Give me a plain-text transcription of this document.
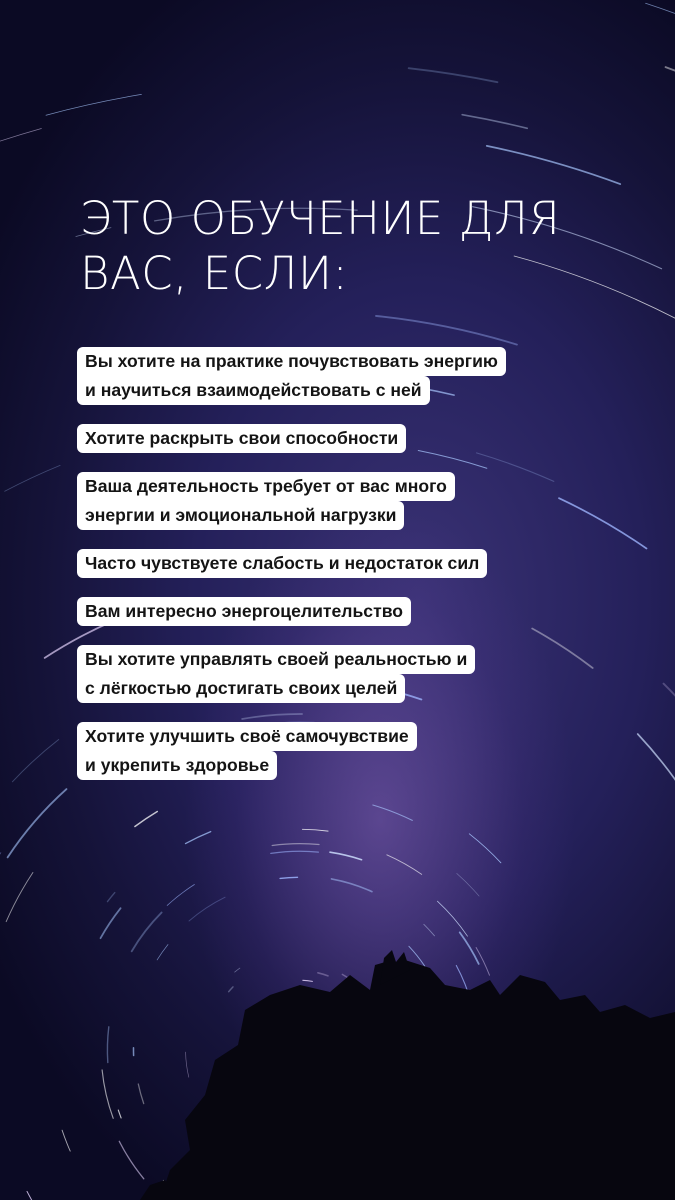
ЭТО ОБУЧЕНИЕ ДЛЯ
ВАС, ЕСЛИ:
Вы хотите на практике почувствовать энергию
и научиться взаимодействовать с ней
Хотите раскрыть свои способности
Ваша деятельность требует от вас много
энергии и эмоциональной нагрузки
Часто чувствуете слабость и недостаток сил
Вам интересно энергоцелительство
Вы хотите управлять своей реальностью и
с лёгкостью достигать своих целей
Хотите улучшить своё самочувствие
и укрепить здоровье
